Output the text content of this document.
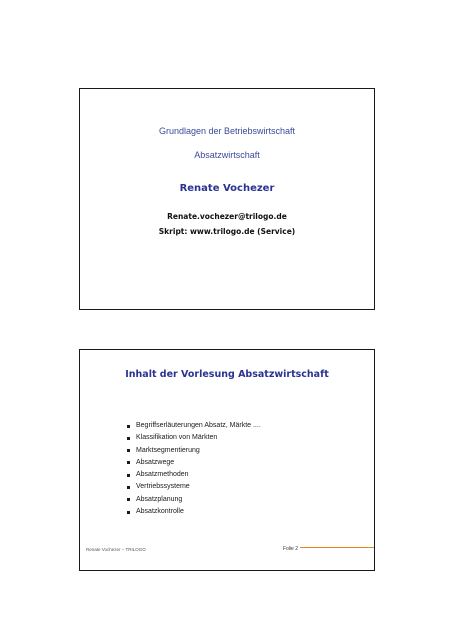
Grundlagen der Betriebswirtschaft
Absatzwirtschaft
Renate Vochezer
Renate.vochezer@trilogo.de
Skript: www.trilogo.de (Service)
Inhalt der Vorlesung Absatzwirtschaft
Begriffserläuterungen Absatz, Märkte ....
Klassifikation von Märkten
Marktsegmentierung
Absatzwege
Absatzmethoden
Vertriebssysteme
Absatzplanung
Absatzkontrolle
Renate Vochezer – TRILOGO	Folie 2
